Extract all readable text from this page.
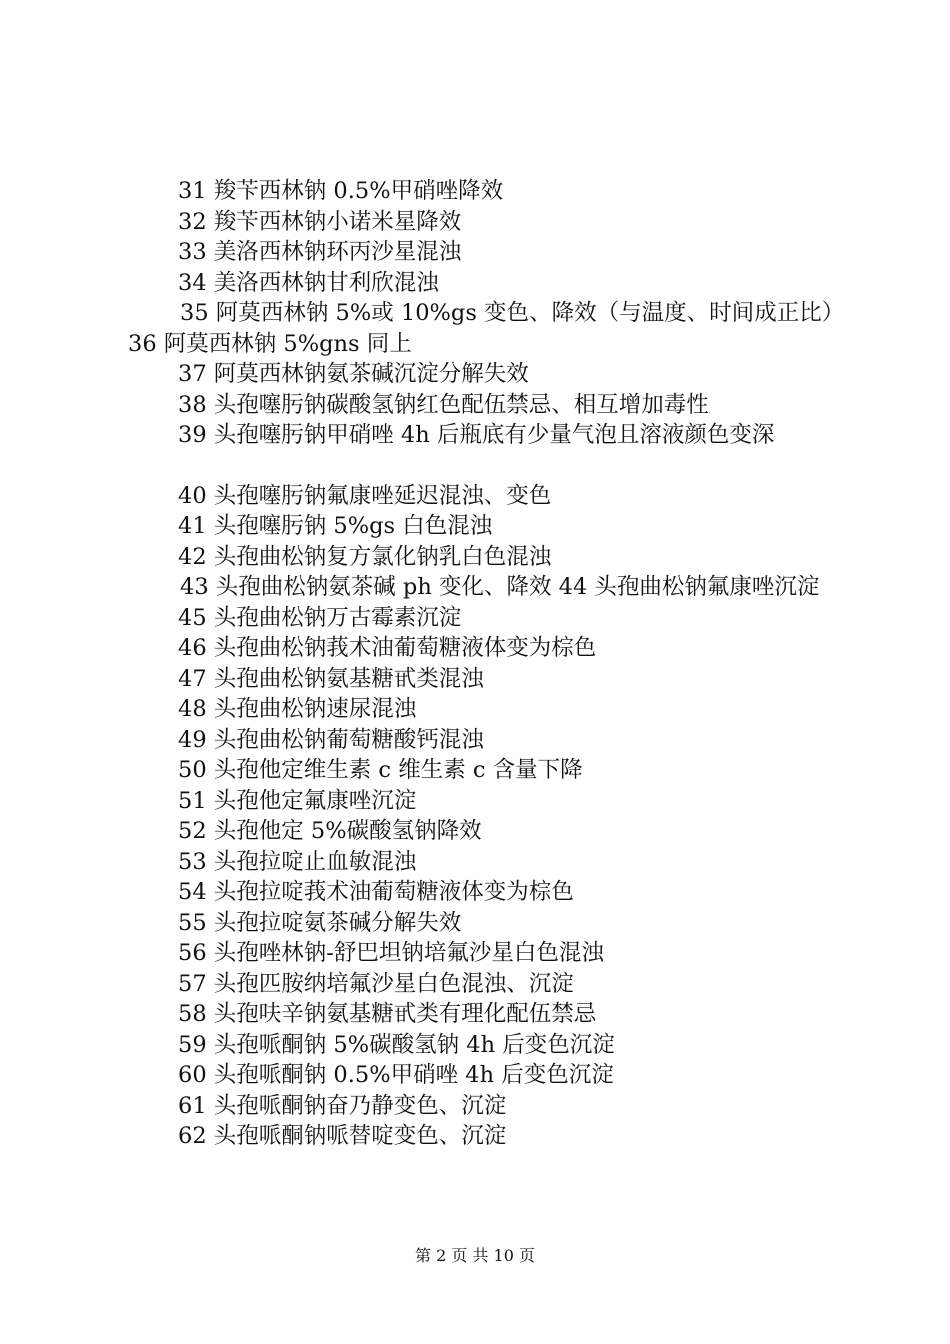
31 羧苄西林钠 0.5%甲硝唑降效
32 羧苄西林钠小诺米星降效
33 美洛西林钠环丙沙星混浊
34 美洛西林钠甘利欣混浊
35 阿莫西林钠 5%或 10%gs 变色、降效（与温度、时间成正比）36 阿莫西林钠 5%gns 同上
37 阿莫西林钠氨茶碱沉淀分解失效
38 头孢噻肟钠碳酸氢钠红色配伍禁忌、相互增加毒性
39 头孢噻肟钠甲硝唑 4h 后瓶底有少量气泡且溶液颜色变深
40 头孢噻肟钠氟康唑延迟混浊、变色
41 头孢噻肟钠 5%gs 白色混浊
42 头孢曲松钠复方氯化钠乳白色混浊
43 头孢曲松钠氨茶碱 ph 变化、降效 44 头孢曲松钠氟康唑沉淀
45 头孢曲松钠万古霉素沉淀
46 头孢曲松钠莪术油葡萄糖液体变为棕色
47 头孢曲松钠氨基糖甙类混浊
48 头孢曲松钠速尿混浊
49 头孢曲松钠葡萄糖酸钙混浊
50 头孢他定维生素 c 维生素 c 含量下降
51 头孢他定氟康唑沉淀
52 头孢他定 5%碳酸氢钠降效
53 头孢拉啶止血敏混浊
54 头孢拉啶莪术油葡萄糖液体变为棕色
55 头孢拉啶氨茶碱分解失效
56 头孢唑林钠-舒巴坦钠培氟沙星白色混浊
57 头孢匹胺纳培氟沙星白色混浊、沉淀
58 头孢呋辛钠氨基糖甙类有理化配伍禁忌
59 头孢哌酮钠 5%碳酸氢钠 4h 后变色沉淀
60 头孢哌酮钠 0.5%甲硝唑 4h 后变色沉淀
61 头孢哌酮钠奋乃静变色、沉淀
62 头孢哌酮钠哌替啶变色、沉淀
第 2 页 共 10 页
